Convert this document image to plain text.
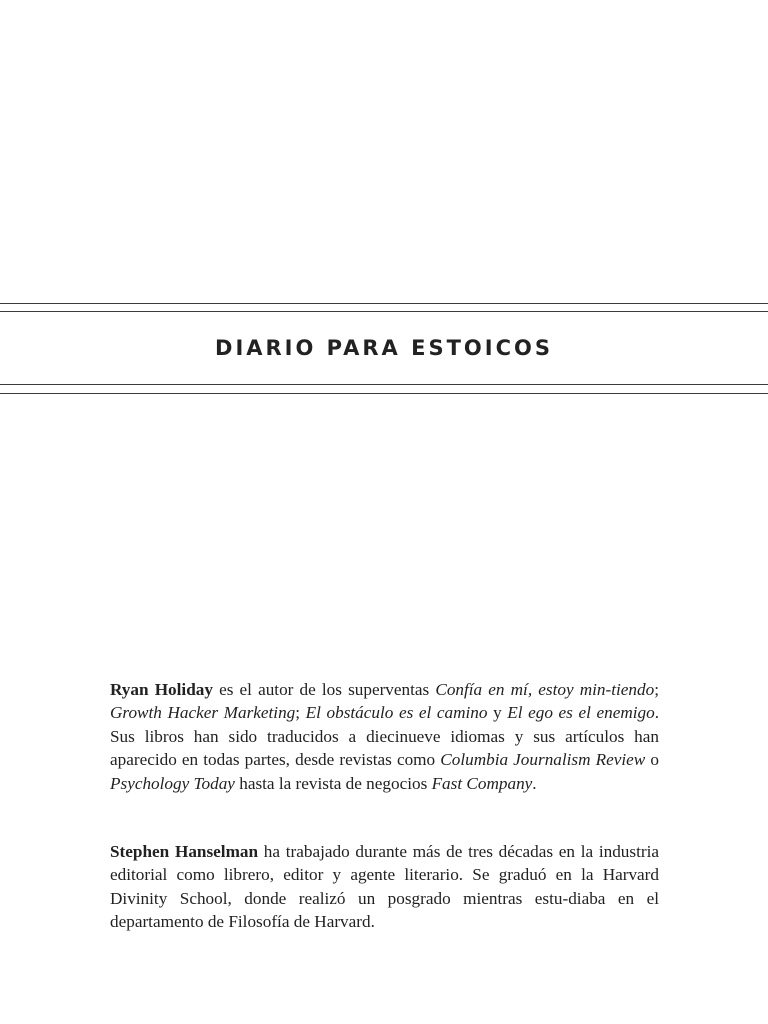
DIARIO PARA ESTOICOS

Ryan Holiday es el autor de los superventas Confía en mí, estoy min-tiendo; Growth Hacker Marketing; El obstáculo es el camino y El ego es el enemigo. Sus libros han sido traducidos a diecinueve idiomas y sus artículos han aparecido en todas partes, desde revistas como Columbia Journalism Review o Psychology Today hasta la revista de negocios Fast Company.

Stephen Hanselman ha trabajado durante más de tres décadas en la industria editorial como librero, editor y agente literario. Se graduó en la Harvard Divinity School, donde realizó un posgrado mientras estu-diaba en el departamento de Filosofía de Harvard.
